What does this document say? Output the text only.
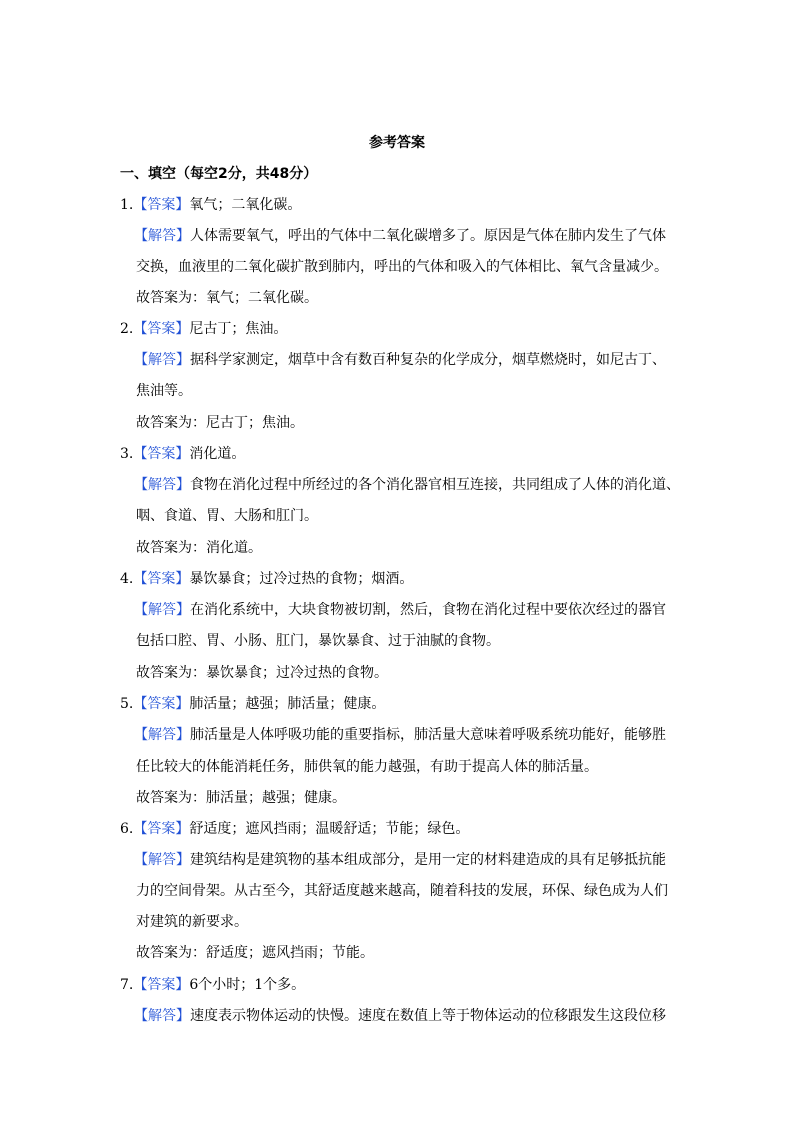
参考答案
一、填空（每空2分，共48分）
1.【答案】氧气；二氧化碳。
【解答】人体需要氧气，呼出的气体中二氧化碳增多了。原因是气体在肺内发生了气体
交换，血液里的二氧化碳扩散到肺内，呼出的气体和吸入的气体相比、氧气含量减少。
故答案为：氧气；二氧化碳。
2.【答案】尼古丁；焦油。
【解答】据科学家测定，烟草中含有数百种复杂的化学成分，烟草燃烧时，如尼古丁、
焦油等。
故答案为：尼古丁；焦油。
3.【答案】消化道。
【解答】食物在消化过程中所经过的各个消化器官相互连接，共同组成了人体的消化道、
咽、食道、胃、大肠和肛门。
故答案为：消化道。
4.【答案】暴饮暴食；过冷过热的食物；烟酒。
【解答】在消化系统中，大块食物被切割，然后，食物在消化过程中要依次经过的器官
包括口腔、胃、小肠、肛门，暴饮暴食、过于油腻的食物。
故答案为：暴饮暴食；过冷过热的食物。
5.【答案】肺活量；越强；肺活量；健康。
【解答】肺活量是人体呼吸功能的重要指标，肺活量大意味着呼吸系统功能好，能够胜
任比较大的体能消耗任务，肺供氧的能力越强，有助于提高人体的肺活量。
故答案为：肺活量；越强；健康。
6.【答案】舒适度；遮风挡雨；温暖舒适；节能；绿色。
【解答】建筑结构是建筑物的基本组成部分，是用一定的材料建造成的具有足够抵抗能
力的空间骨架。从古至今，其舒适度越来越高，随着科技的发展，环保、绿色成为人们
对建筑的新要求。
故答案为：舒适度；遮风挡雨；节能。
7.【答案】6个小时；1个多。
【解答】速度表示物体运动的快慢。速度在数值上等于物体运动的位移跟发生这段位移
